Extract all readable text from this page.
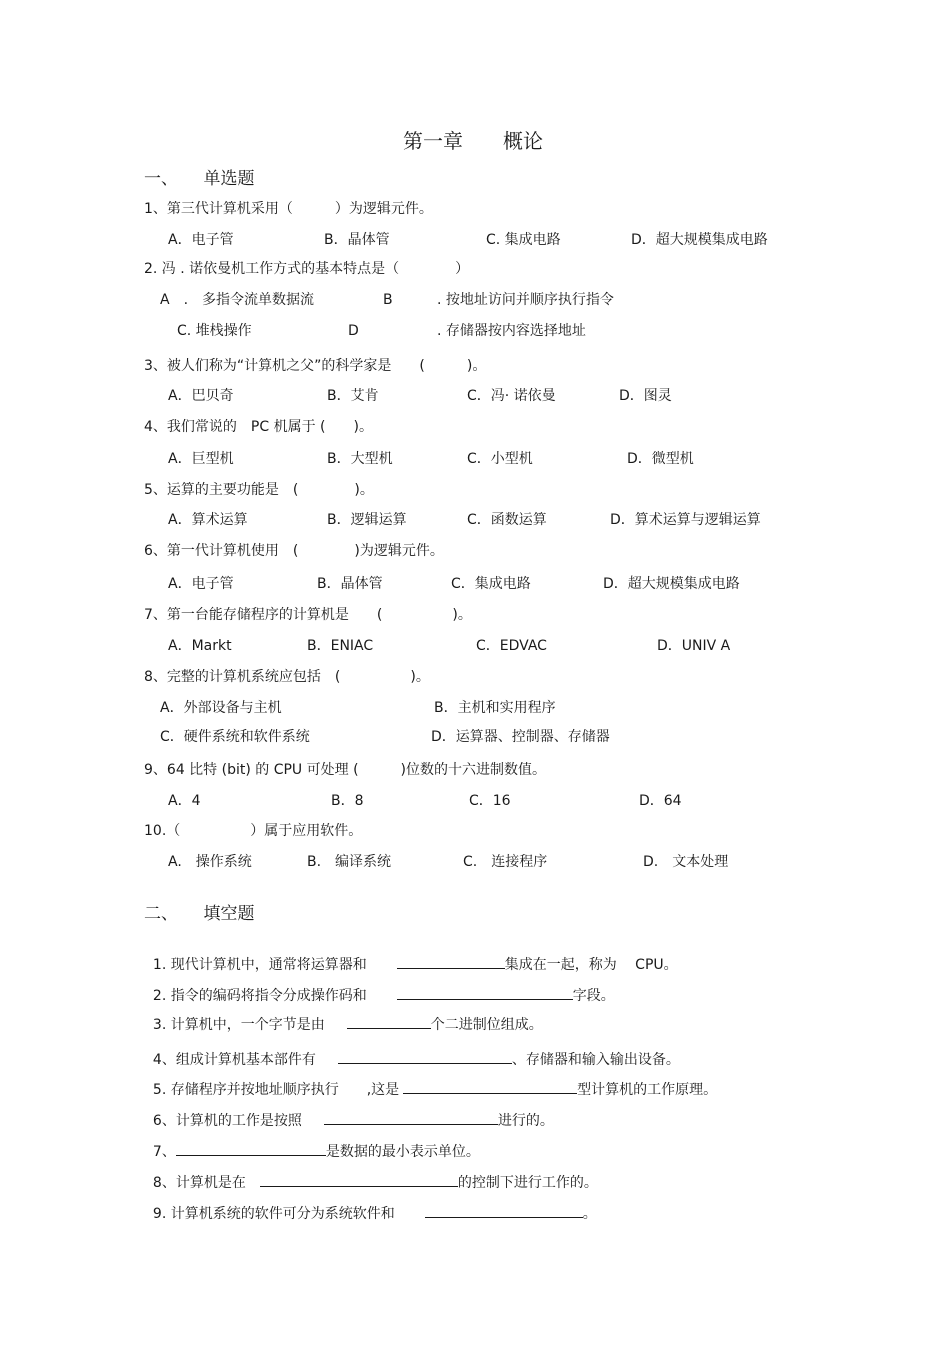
第一章　　概论
一、　　单选题
1、第三代计算机采用（　　　）为逻辑元件。
A．电子管	B．晶体管	C. 集成电路	D．超大规模集成电路
2. 冯 . 诺依曼机工作方式的基本特点是（　　　　）
A　.　多指令流单数据流	B	. 按地址访问并顺序执行指令
C. 堆栈操作	D	. 存储器按内容选择地址
3、被人们称为“计算机之父”的科学家是　　(　　　)。
A．巴贝奇	B．艾肯	C．冯· 诺依曼	D．图灵
4、我们常说的　PC 机属于 (　　)。
A．巨型机	B．大型机	C．小型机	D．微型机
5、运算的主要功能是　(　　　　)。
A．算术运算	B．逻辑运算	C．函数运算	D．算术运算与逻辑运算
6、第一代计算机使用　(　　　　)为逻辑元件。
A．电子管	B．晶体管	C．集成电路	D．超大规模集成电路
7、第一台能存储程序的计算机是　　(　　　　　)。
A．Markt	B．ENIAC	C．EDVAC	D．UNIV A
8、完整的计算机系统应包括　(　　　　　)。
A．外部设备与主机	B．主机和实用程序
C．硬件系统和软件系统	D．运算器、控制器、存储器
9、64 比特 (bit) 的 CPU 可处理 (　　　)位数的十六进制数值。
A．4	B．8	C．16	D．64
10.（　　　　　）属于应用软件。
A.　操作系统	B.　编译系统	C.　连接程序	D.　文本处理
二、　　填空题

1. 现代计算机中，通常将运算器和	集成在一起，称为　 CPU。

2. 指令的编码将指令分成操作码和	字段。

3. 计算机中，一个字节是由	个二进制位组成。

4、组成计算机基本部件有	、存储器和输入输出设备。

5. 存储程序并按地址顺序执行　　,这是	型计算机的工作原理。

6、计算机的工作是按照	进行的。

7、	是数据的最小表示单位。

8、计算机是在	的控制下进行工作的。

9. 计算机系统的软件可分为系统软件和	。
